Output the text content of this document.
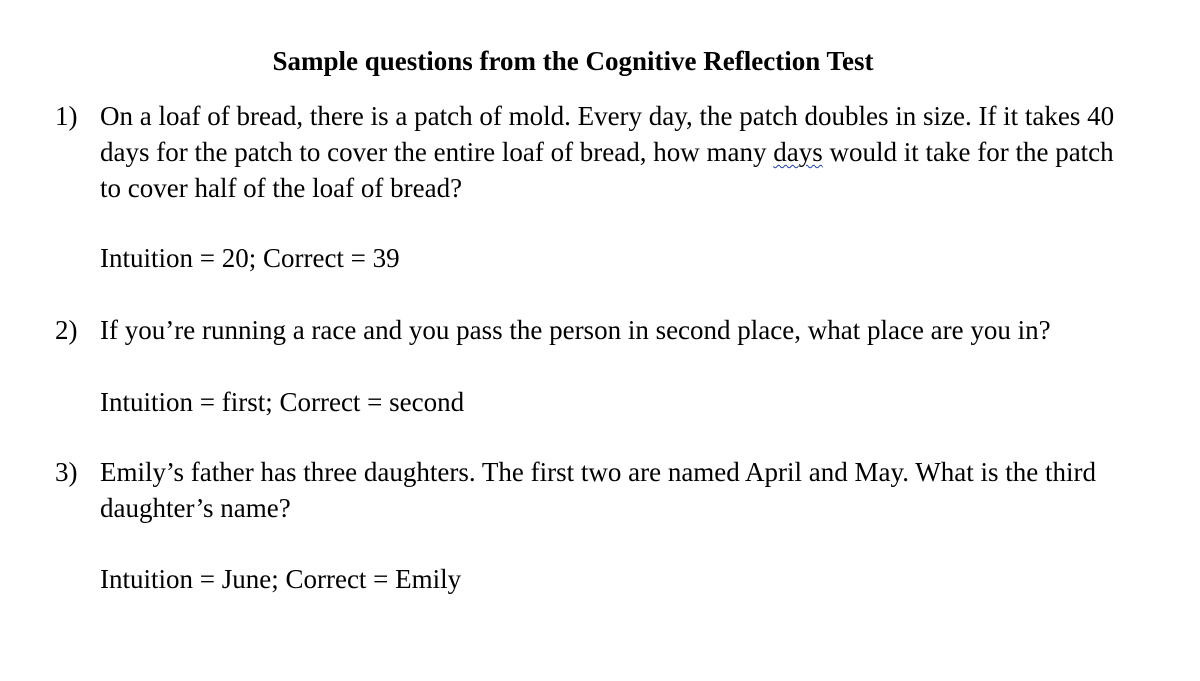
Sample questions from the Cognitive Reflection Test
1) On a loaf of bread, there is a patch of mold. Every day, the patch doubles in size. If it takes 40 days for the patch to cover the entire loaf of bread, how many days would it take for the patch to cover half of the loaf of bread?

Intuition = 20; Correct = 39

2) If you’re running a race and you pass the person in second place, what place are you in?

Intuition = first; Correct = second

3) Emily’s father has three daughters. The first two are named April and May. What is the third daughter’s name?

Intuition = June; Correct = Emily
